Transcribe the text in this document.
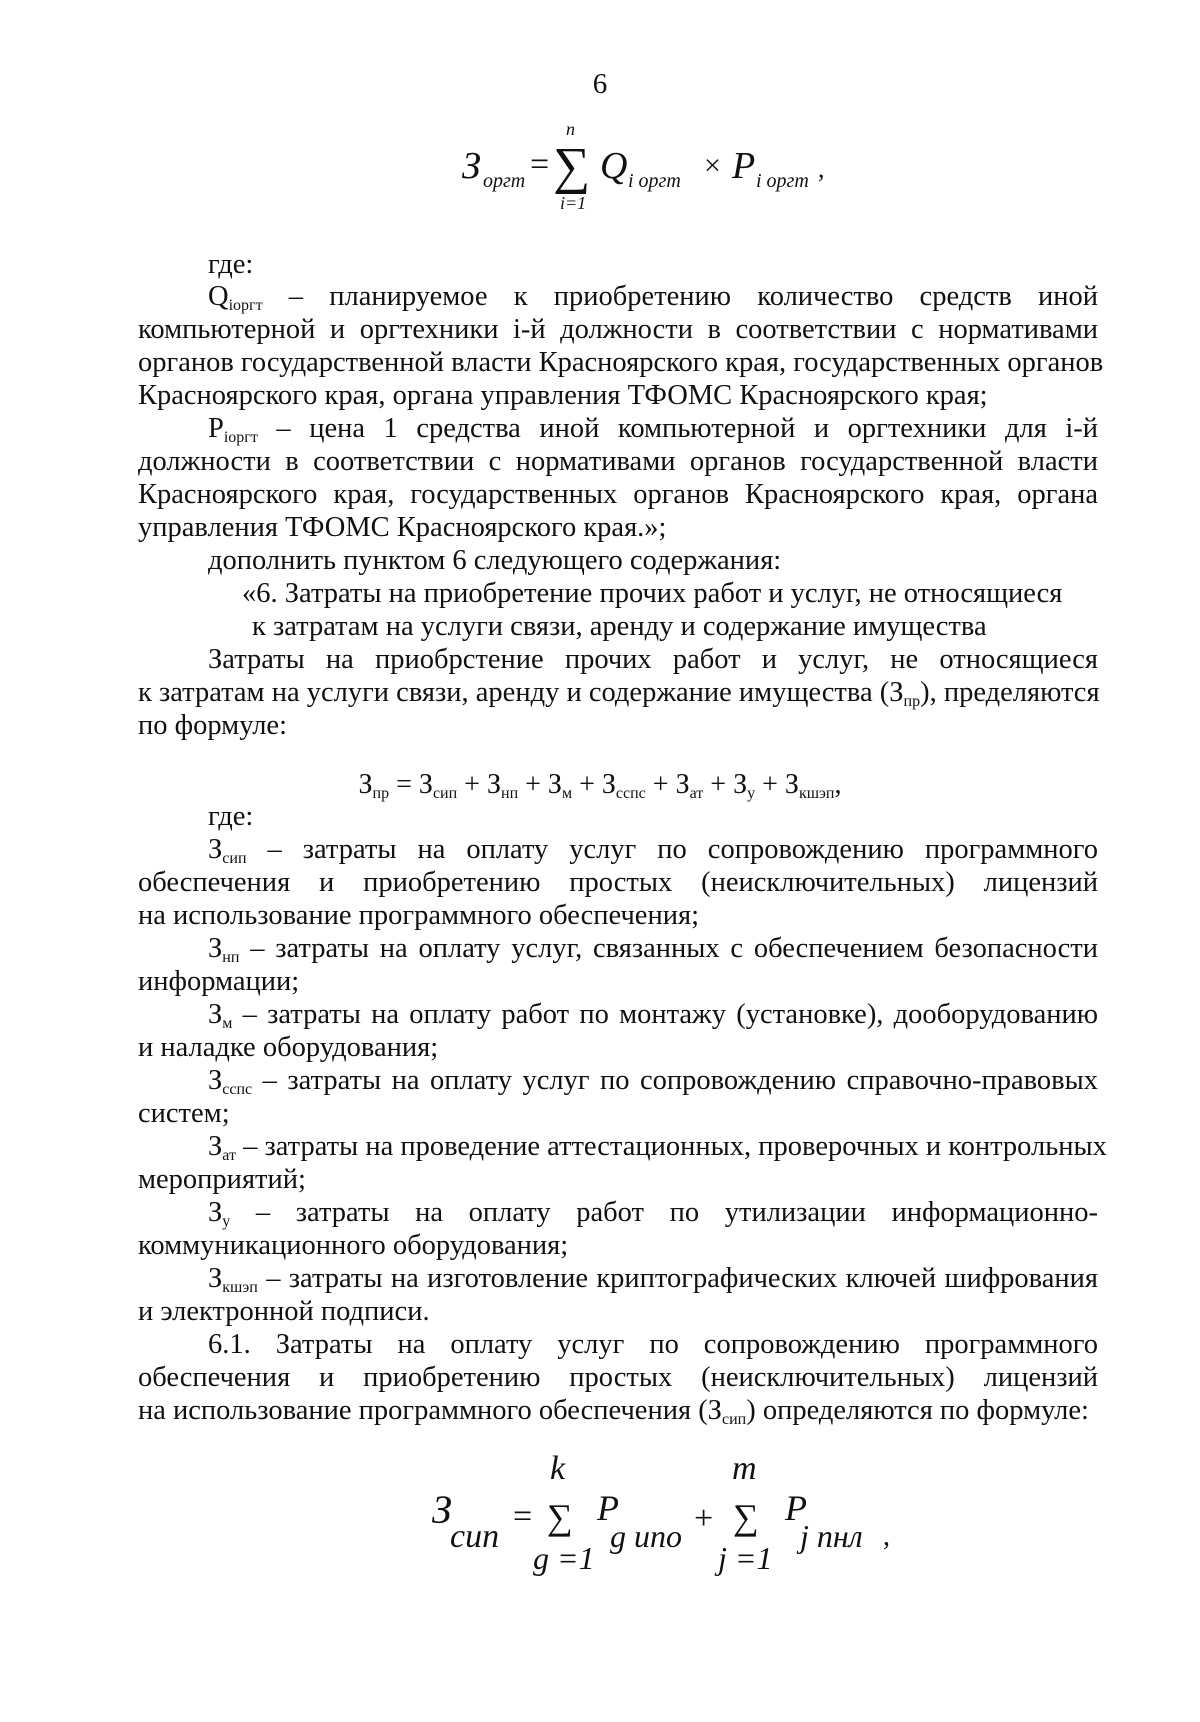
6
З оргт =
n
∑
i=1
Q i оргт × P i оргт ,
где:
$Q_{iоргт}$ – планируемое к приобретению количество средств иной
компьютерной и оргтехники i-й должности в соответствии с нормативами
органов государственной власти Красноярского края, государственных органов
Красноярского края, органа управления ТФОМС Красноярского края;
$P_{iоргт}$ – цена 1 средства иной компьютерной и оргтехники для i-й
должности в соответствии с нормативами органов государственной власти
Красноярского края, государственных органов Красноярского края, органа
управления ТФОМС Красноярского края.»;
дополнить пунктом 6 следующего содержания:
«6. Затраты на приобретение прочих работ и услуг, не относящиеся
к затратам на услуги связи, аренду и содержание имущества
Затраты на приобрстение прочих работ и услуг, не относящиеся
к затратам на услуги связи, аренду и содержание имущества $(З_{пр})$, пределяются
по формуле:
$З_{пр} = З_{сип} + З_{нп} + З_м + З_{сспс} + З_{ат} + З_у + З_{кшэп}$,
где:
$З_{сип}$ – затраты на оплату услуг по сопровождению программного
обеспечения и приобретению простых (неисключительных) лицензий
на использование программного обеспечения;
$З_{нп}$ – затраты на оплату услуг, связанных с обеспечением безопасности
информации;
$З_м$ – затраты на оплату работ по монтажу (установке), дооборудованию
и наладке оборудования;
$З_{сспс}$ – затраты на оплату услуг по сопровождению справочно-правовых
систем;
$З_{ат}$ – затраты на проведение аттестационных, проверочных и контрольных
мероприятий;
$З_у$ – затраты на оплату работ по утилизации информационно-
коммуникационного оборудования;
$З_{кшэп}$ – затраты на изготовление криптографических ключей шифрования
и электронной подписи.
6.1. Затраты на оплату услуг по сопровождению программного
обеспечения и приобретению простых (неисключительных) лицензий
на использование программного обеспечения $(З_{сип})$ определяются по формуле:
З
сип
=
k
∑
g =1
P
g uno +
m
∑
j =1
P
j пнл ,
